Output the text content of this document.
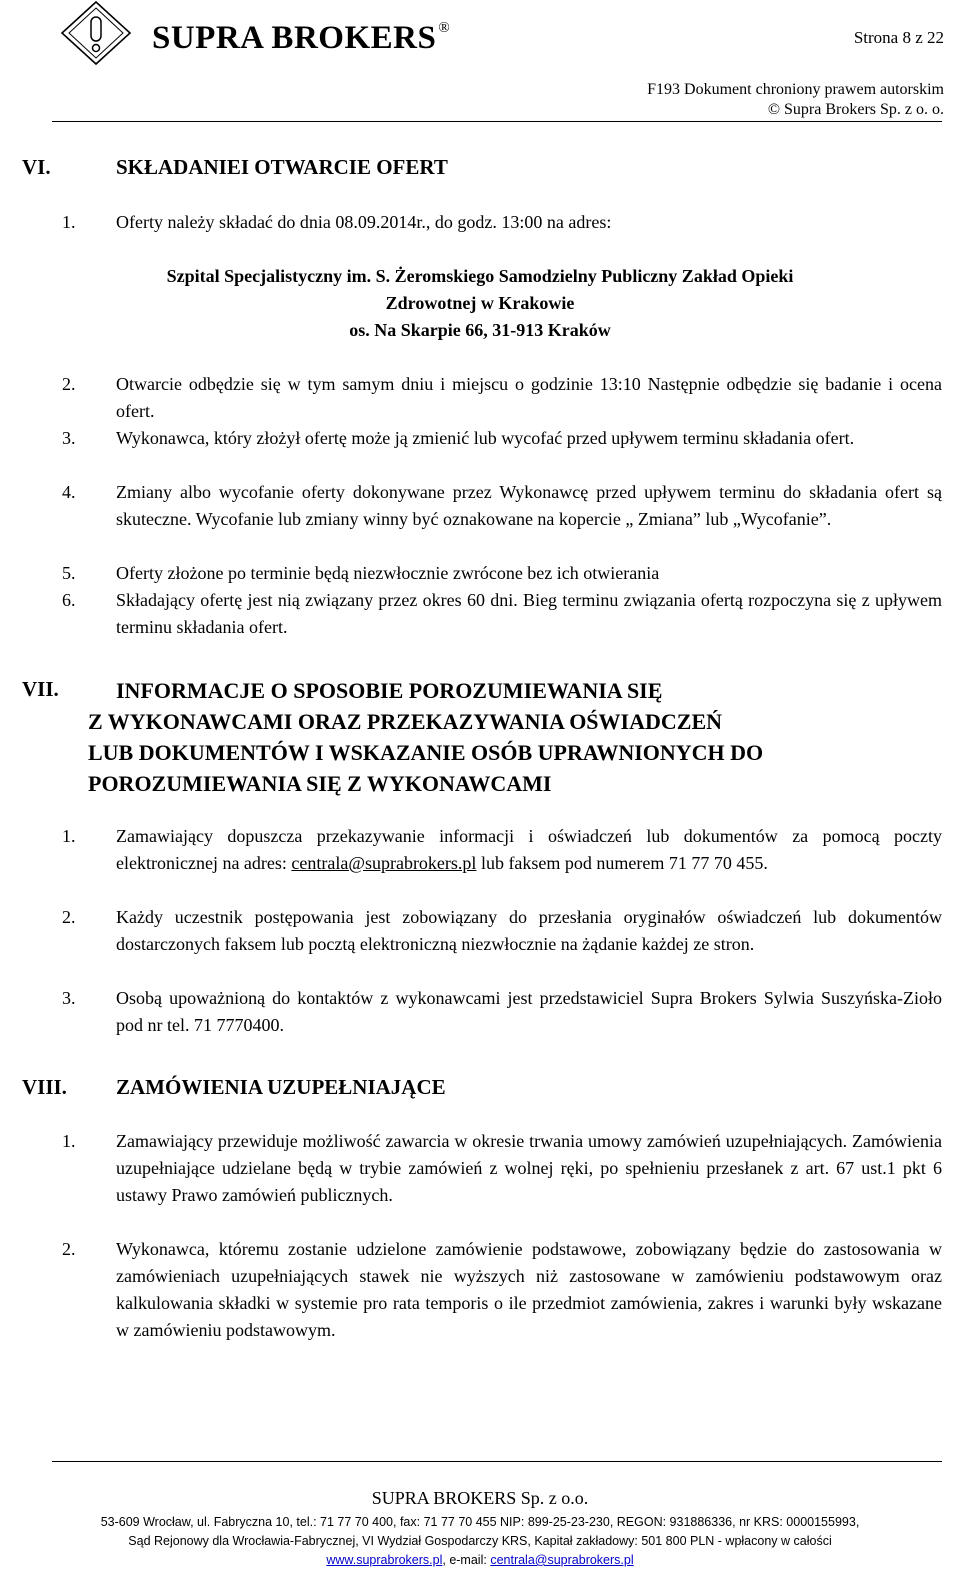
SUPRA BROKERS ®	Strona 8 z 22
F193 Dokument chroniony prawem autorskim
© Supra Brokers Sp. z o. o.
VI.	SKŁADANIEI OTWARCIE OFERT
1. Oferty należy składać do dnia 08.09.2014r., do godz. 13:00 na adres:
Szpital Specjalistyczny im. S. Żeromskiego Samodzielny Publiczny Zakład Opieki
Zdrowotnej w Krakowie
os. Na Skarpie 66, 31-913 Kraków
2. Otwarcie odbędzie się w tym samym dniu i miejscu o godzinie 13:10 Następnie odbędzie się badanie i ocena ofert.
3. Wykonawca, który złożył ofertę może ją zmienić lub wycofać przed upływem terminu składania ofert.
4. Zmiany albo wycofanie oferty dokonywane przez Wykonawcę przed upływem terminu do składania ofert są skuteczne. Wycofanie lub zmiany winny być oznakowane na kopercie „ Zmiana” lub „Wycofanie”.
5. Oferty złożone po terminie będą niezwłocznie zwrócone bez ich otwierania
6. Składający ofertę jest nią związany przez okres 60 dni. Bieg terminu związania ofertą rozpoczyna się z upływem terminu składania ofert.
VII.	INFORMACJE O SPOSOBIE POROZUMIEWANIA SIĘ
Z WYKONAWCAMI ORAZ PRZEKAZYWANIA OŚWIADCZEŃ
LUB DOKUMENTÓW I WSKAZANIE OSÓB UPRAWNIONYCH DO
POROZUMIEWANIA SIĘ Z WYKONAWCAMI
1. Zamawiający dopuszcza przekazywanie informacji i oświadczeń lub dokumentów za pomocą poczty elektronicznej na adres: centrala@suprabrokers.pl lub faksem pod numerem 71 77 70 455.
2. Każdy uczestnik postępowania jest zobowiązany do przesłania oryginałów oświadczeń lub dokumentów dostarczonych faksem lub pocztą elektroniczną niezwłocznie na żądanie każdej ze stron.
3. Osobą upoważnioną do kontaktów z wykonawcami jest przedstawiciel Supra Brokers Sylwia Suszyńska-Zioło pod nr tel. 71 7770400.
VIII. ZAMÓWIENIA UZUPEŁNIAJĄCE
1. Zamawiający przewiduje możliwość zawarcia w okresie trwania umowy zamówień uzupełniających. Zamówienia uzupełniające udzielane będą w trybie zamówień z wolnej ręki, po spełnieniu przesłanek z art. 67 ust.1 pkt 6 ustawy Prawo zamówień publicznych.
2. Wykonawca, któremu zostanie udzielone zamówienie podstawowe, zobowiązany będzie do zastosowania w zamówieniach uzupełniających stawek nie wyższych niż zastosowane w zamówieniu podstawowym oraz kalkulowania składki w systemie pro rata temporis o ile przedmiot zamówienia, zakres i warunki były wskazane w zamówieniu podstawowym.
SUPRA BROKERS Sp. z o.o.
53-609 Wrocław, ul. Fabryczna 10, tel.: 71 77 70 400, fax: 71 77 70 455 NIP: 899-25-23-230, REGON: 931886336, nr KRS: 0000155993,
Sąd Rejonowy dla Wrocławia-Fabrycznej, VI Wydział Gospodarczy KRS, Kapitał zakładowy: 501 800 PLN - wpłacony w całości
www.suprabrokers.pl, e-mail: centrala@suprabrokers.pl
